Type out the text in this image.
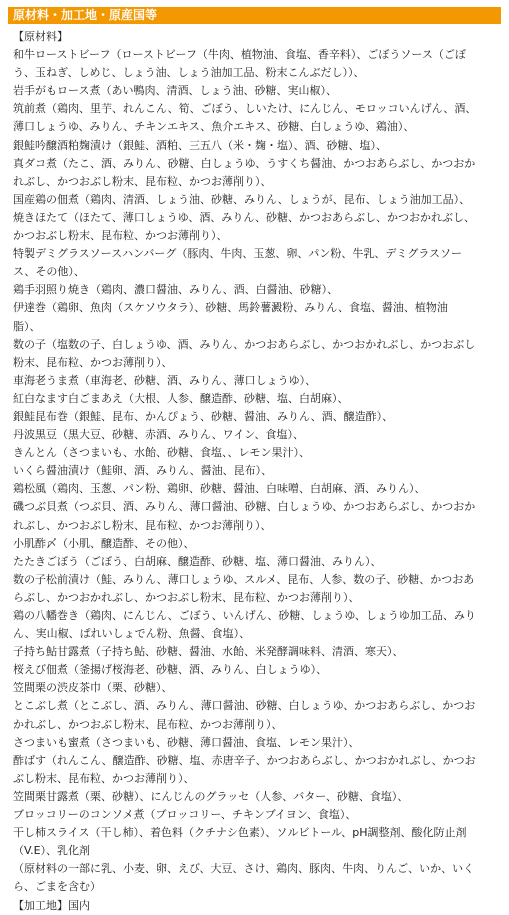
原材料・加工地・原産国等
【原材料】
和牛ローストビーフ（ローストビーフ（牛肉、植物油、食塩、香辛料）、ごぼうソース（ごぼ
う、玉ねぎ、しめじ、しょう油、しょう油加工品、粉末こんぶだし））、
岩手がもロース煮（あい鴨肉、清酒、しょう油、砂糖、実山椒）、
筑前煮（鶏肉、里芋、れんこん、筍、ごぼう、しいたけ、にんじん、モロッコいんげん、酒、
薄口しょうゆ、みりん、チキンエキス、魚介エキス、砂糖、白しょうゆ、鶏油）、
銀鮭吟醸酒粕麹漬け（銀鮭、酒粕、三五八（米・麹・塩）、酒、砂糖、塩）、
真ダコ煮（たこ、酒、みりん、砂糖、白しょうゆ、うすくち醤油、かつおあらぶし、かつおか
れぶし、かつおぶし粉末、昆布粒、かつお薄削り）、
国産鶏の佃煮（鶏肉、清酒、しょう油、砂糖、みりん、しょうが、昆布、しょう油加工品）、
焼きほたて（ほたて、薄口しょうゆ、酒、みりん、砂糖、かつおあらぶし、かつおかれぶし、
かつおぶし粉末、昆布粒、かつお薄削り）、
特製デミグラスソースハンバーグ（豚肉、牛肉、玉葱、卵、パン粉、牛乳、デミグラスソー
ス、その他）、
鶏手羽照り焼き（鶏肉、濃口醤油、みりん、酒、白醤油、砂糖）、
伊達巻（鶏卵、魚肉（スケソウタラ）、砂糖、馬鈴薯澱粉、みりん、食塩、醤油、植物油
脂）、
数の子（塩数の子、白しょうゆ、酒、みりん、かつおあらぶし、かつおかれぶし、かつおぶし
粉末、昆布粒、かつお薄削り）、
車海老うま煮（車海老、砂糖、酒、みりん、薄口しょうゆ）、
紅白なます白ごまあえ（大根、人参、醸造酢、砂糖、塩、白胡麻）、
銀鮭昆布巻（銀鮭、昆布、かんぴょう、砂糖、醤油、みりん、酒、醸造酢）、
丹波黒豆（黒大豆、砂糖、赤酒、みりん、ワイン、食塩）、
きんとん（さつまいも、水飴、砂糖、食塩、、レモン果汁）、
いくら醤油漬け（鮭卵、酒、みりん、醤油、昆布）、
鶏松風（鶏肉、玉葱、パン粉、鶏卵、砂糖、醤油、白味噌、白胡麻、酒、みりん）、
磯つぶ貝煮（つぶ貝、酒、みりん、薄口醤油、砂糖、白しょうゆ、かつおあらぶし、かつおか
れぶし、かつおぶし粉末、昆布粒、かつお薄削り）、
小肌酢〆（小肌、醸造酢、その他）、
たたきごぼう（ごぼう、白胡麻、醸造酢、砂糖、塩、薄口醤油、みりん）、
数の子松前漬け（鮭、みりん、薄口しょうゆ、スルメ、昆布、人参、数の子、砂糖、かつおあ
らぶし、かつおかれぶし、かつおぶし粉末、昆布粒、かつお薄削り）、
鶏の八幡巻き（鶏肉、にんじん、ごぼう、いんげん、砂糖、しょうゆ、しょうゆ加工品、みり
ん、実山椒、ぱれいしょでん粉、魚醤、食塩）、
子持ち鮎甘露煮（子持ち鮎、砂糖、醤油、水飴、米発酵調味料、清酒、寒天）、
桜えび佃煮（釜揚げ桜海老、砂糖、酒、みりん、白しょうゆ）、
笠間栗の渋皮茶巾（栗、砂糖）、
とこぶし煮（とこぶし、酒、みりん、薄口醤油、砂糖、白しょうゆ、かつおあらぶし、かつお
かれぶし、かつおぶし粉末、昆布粒、かつお薄削り）、
さつまいも蜜煮（さつまいも、砂糖、薄口醤油、食塩、レモン果汁）、
酢ばす（れんこん、醸造酢、砂糖、塩、赤唐辛子、かつおあらぶし、かつおかれぶし、かつお
ぶし粉末、昆布粒、かつお薄削り）、
笠間栗甘露煮（栗、砂糖）、にんじんのグラッセ（人参、バター、砂糖、食塩）、
ブロッコリーのコンソメ煮（ブロッコリー、チキンブイヨン、食塩）、
干し柿スライス（干し柿）、着色料（クチナシ色素）、ソルビトール、pH調整剤、酸化防止剤
（V.E）、乳化剤
（原材料の一部に乳、小麦、卵、えび、大豆、さけ、鶏肉、豚肉、牛肉、りんご、いか、いく
ら、ごまを含む）
【加工地】国内
